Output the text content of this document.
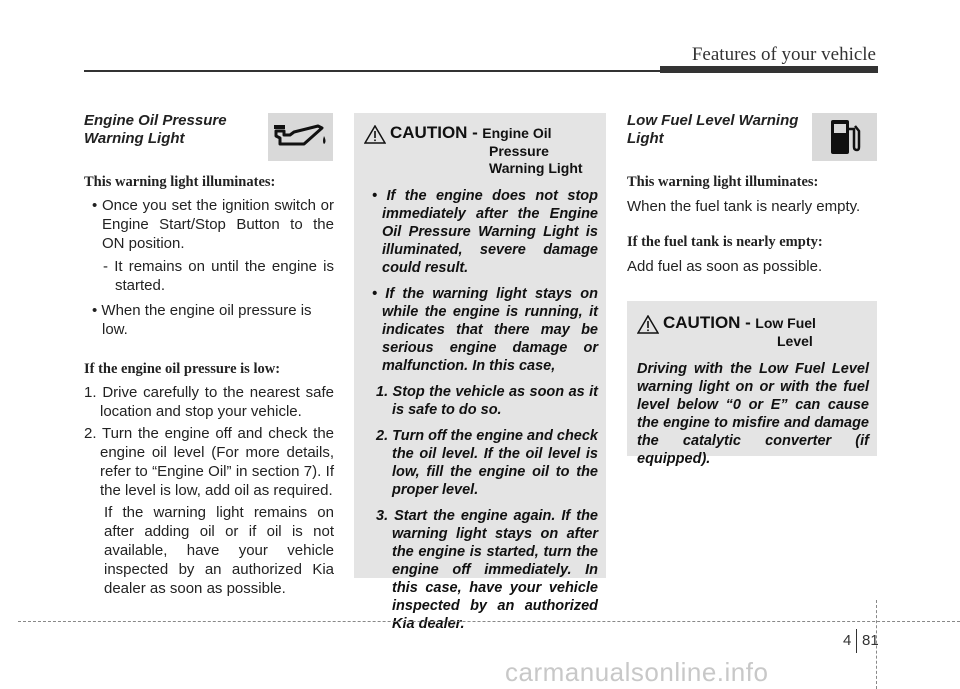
Features of your vehicle
Engine Oil Pressure
Warning Light
This warning light illuminates:
• Once you set the ignition switch or Engine Start/Stop Button to the ON position.
- It remains on until the engine is started.
• When the engine oil pressure is low.
If the engine oil pressure is low:
1. Drive carefully to the nearest safe location and stop your vehicle.
2. Turn the engine off and check the engine oil level (For more details, refer to “Engine Oil” in section 7). If the level is low, add oil as required.
If the warning light remains on after adding oil or if oil is not available, have your vehicle inspected by an authorized Kia dealer as soon as possible.
CAUTION - Engine Oil
Pressure
Warning Light
• If the engine does not stop immediately after the Engine Oil Pressure Warning Light is illuminated, severe damage could result.
• If the warning light stays on while the engine is running, it indicates that there may be serious engine damage or malfunction. In this case,
1. Stop the vehicle as soon as it is safe to do so.
2. Turn off the engine and check the oil level. If the oil level is low, fill the engine oil to the proper level.
3. Start the engine again. If the warning light stays on after the engine is started, turn the engine off immediately. In this case, have your vehicle inspected by an authorized Kia dealer.
Low Fuel Level Warning
Light
This warning light illuminates:
When the fuel tank is nearly empty.
If the fuel tank is nearly empty:
Add fuel as soon as possible.
CAUTION - Low Fuel
Level
Driving with the Low Fuel Level warning light on or with the fuel level below “0 or E” can cause the engine to misfire and damage the catalytic converter (if equipped).
4 81
carmanualsonline.info
